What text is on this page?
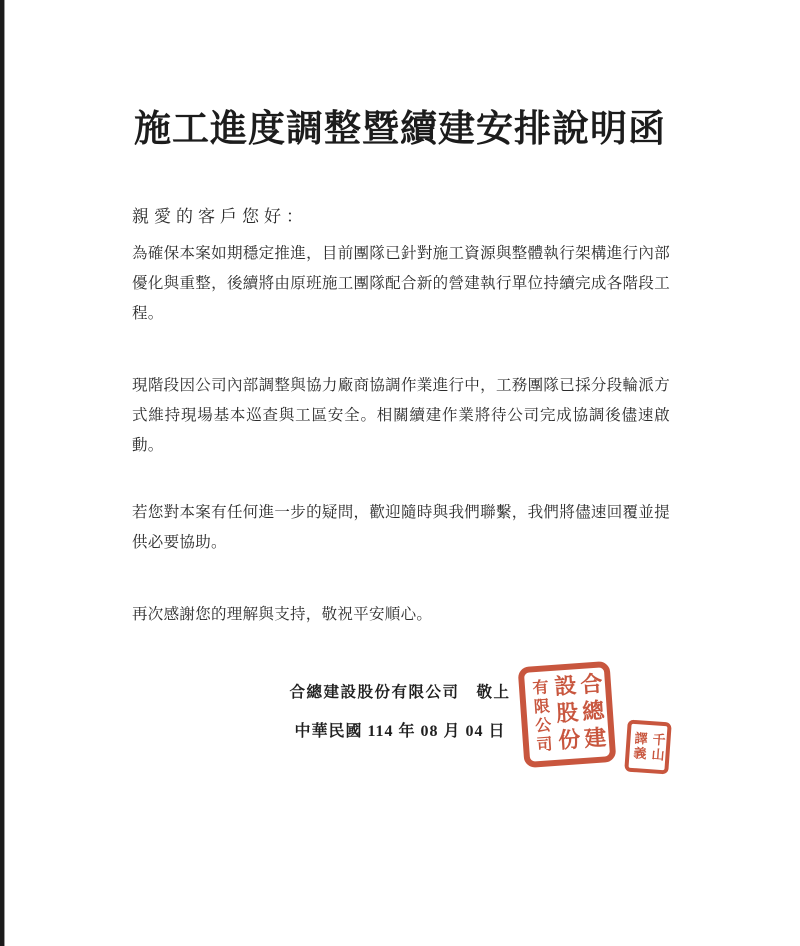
施工進度調整暨續建安排說明函
親愛的客戶您好：

為確保本案如期穩定推進，目前團隊已針對施工資源與整體執行架構進行內部優化與重整，後續將由原班施工團隊配合新的營建執行單位持續完成各階段工程。

現階段因公司內部調整與協力廠商協調作業進行中，工務團隊已採分段輪派方式維持現場基本巡查與工區安全。相關續建作業將待公司完成協調後儘速啟動。

若您對本案有任何進一步的疑問，歡迎隨時與我們聯繫，我們將儘速回覆並提供必要協助。

再次感謝您的理解與支持，敬祝平安順心。

合總建設股份有限公司　敬上
中華民國 114 年 08 月 04 日	合總建
設股份
有限公司	千山
譯義
